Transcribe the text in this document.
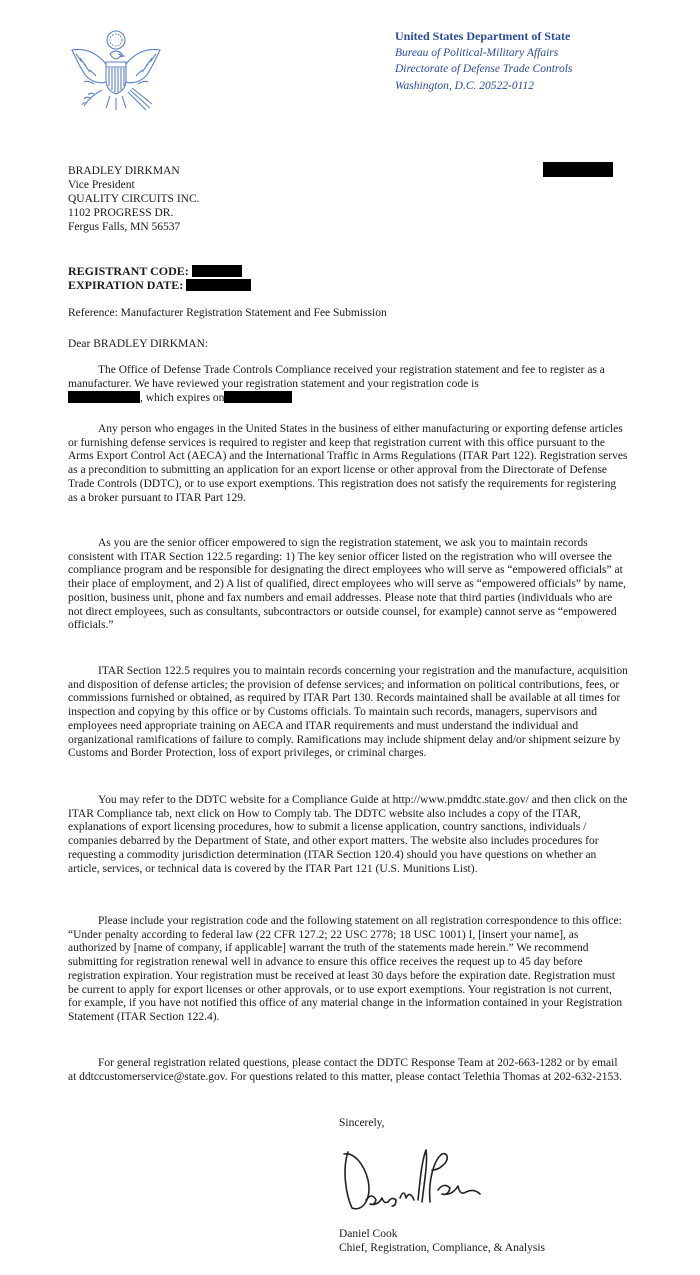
United States Department of State
Bureau of Political-Military Affairs
Directorate of Defense Trade Controls
Washington, D.C. 20522-0112
BRADLEY DIRKMAN
Vice President
QUALITY CIRCUITS INC.
1102 PROGRESS DR.
Fergus Falls, MN 56537
REGISTRANT CODE:
EXPIRATION DATE:
Reference: Manufacturer Registration Statement and Fee Submission
Dear BRADLEY DIRKMAN:

The Office of Defense Trade Controls Compliance received your registration statement and fee to register as a manufacturer. We have reviewed your registration statement and your registration code is
, which expires on

Any person who engages in the United States in the business of either manufacturing or exporting defense articles or furnishing defense services is required to register and keep that registration current with this office pursuant to the Arms Export Control Act (AECA) and the International Traffic in Arms Regulations (ITAR Part 122). Registration serves as a precondition to submitting an application for an export license or other approval from the Directorate of Defense Trade Controls (DDTC), or to use export exemptions. This registration does not satisfy the requirements for registering as a broker pursuant to ITAR Part 129.

As you are the senior officer empowered to sign the registration statement, we ask you to maintain records consistent with ITAR Section 122.5 regarding: 1) The key senior officer listed on the registration who will oversee the compliance program and be responsible for designating the direct employees who will serve as “empowered officials” at their place of employment, and 2) A list of qualified, direct employees who will serve as “empowered officials” by name, position, business unit, phone and fax numbers and email addresses. Please note that third parties (individuals who are not direct employees, such as consultants, subcontractors or outside counsel, for example) cannot serve as “empowered officials.”

ITAR Section 122.5 requires you to maintain records concerning your registration and the manufacture, acquisition and disposition of defense articles; the provision of defense services; and information on political contributions, fees, or commissions furnished or obtained, as required by ITAR Part 130. Records maintained shall be available at all times for inspection and copying by this office or by Customs officials. To maintain such records, managers, supervisors and employees need appropriate training on AECA and ITAR requirements and must understand the individual and organizational ramifications of failure to comply. Ramifications may include shipment delay and/or shipment seizure by Customs and Border Protection, loss of export privileges, or criminal charges.

You may refer to the DDTC website for a Compliance Guide at http://www.pmddtc.state.gov/ and then click on the ITAR Compliance tab, next click on How to Comply tab. The DDTC website also includes a copy of the ITAR, explanations of export licensing procedures, how to submit a license application, country sanctions, individuals / companies debarred by the Department of State, and other export matters. The website also includes procedures for requesting a commodity jurisdiction determination (ITAR Section 120.4) should you have questions on whether an article, services, or technical data is covered by the ITAR Part 121 (U.S. Munitions List).

Please include your registration code and the following statement on all registration correspondence to this office: “Under penalty according to federal law (22 CFR 127.2; 22 USC 2778; 18 USC 1001) I, [insert your name], as authorized by [name of company, if applicable] warrant the truth of the statements made herein.” We recommend submitting for registration renewal well in advance to ensure this office receives the request up to 45 day before registration expiration. Your registration must be received at least 30 days before the expiration date. Registration must be current to apply for export licenses or other approvals, or to use export exemptions. Your registration is not current, for example, if you have not notified this office of any material change in the information contained in your Registration Statement (ITAR Section 122.4).

For general registration related questions, please contact the DDTC Response Team at 202-663-1282 or by email at ddtccustomerservice@state.gov. For questions related to this matter, please contact Telethia Thomas at 202-632-2153.

Sincerely,
Daniel Cook
Chief, Registration, Compliance, & Analysis
